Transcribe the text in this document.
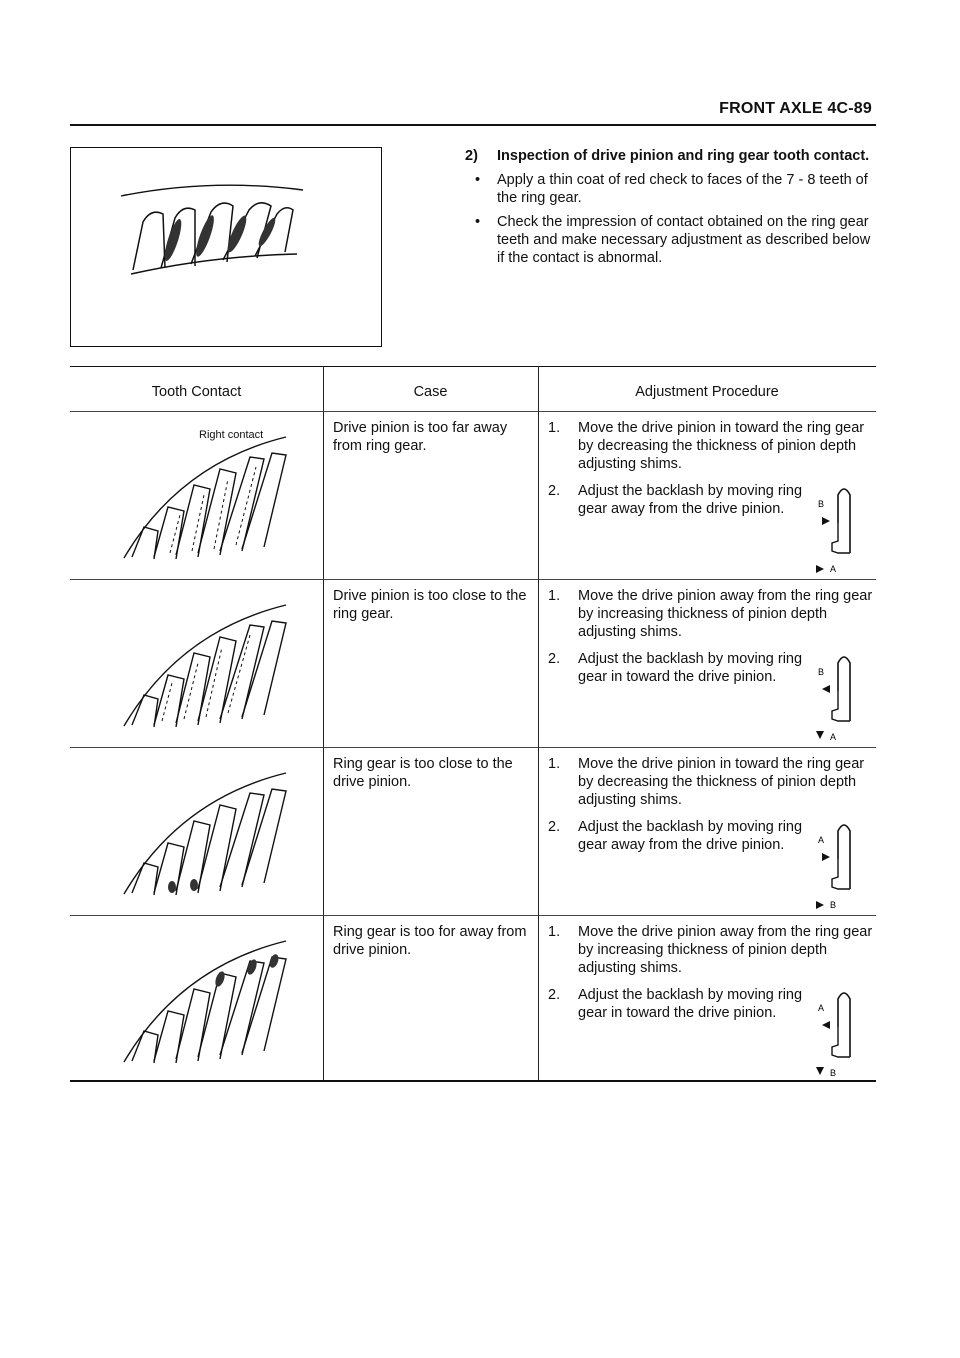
FRONT AXLE 4C-89
Right contact
2) Inspection of drive pinion and ring gear tooth contact.
• Apply a thin coat of red check to faces of the 7 - 8 teeth of the ring gear.
• Check the impression of contact obtained on the ring gear teeth and make necessary adjustment as described below if the contact is abnormal.
Tooth Contact	Case	Adjustment Procedure
Drive pinion is too far away from ring gear.
1. Move the drive pinion in toward the ring gear by decreasing the thickness of pinion depth adjusting shims.
2. Adjust the backlash by moving ring gear away from the drive pinion.	B
A
Drive pinion is too close to the ring gear.
1. Move the drive pinion away from the ring gear by increasing thickness of pinion depth adjusting shims.
2. Adjust the backlash by moving ring gear in toward the drive pinion.	B
A
Ring gear is too close to the drive pinion.
1. Move the drive pinion in toward the ring gear by decreasing the thickness of pinion depth adjusting shims.
2. Adjust the backlash by moving ring gear away from the drive pinion.	A
B
Ring gear is too for away from drive pinion.
1. Move the drive pinion away from the ring gear by increasing thickness of pinion depth adjusting shims.
2. Adjust the backlash by moving ring gear in toward the drive pinion.	A
B
